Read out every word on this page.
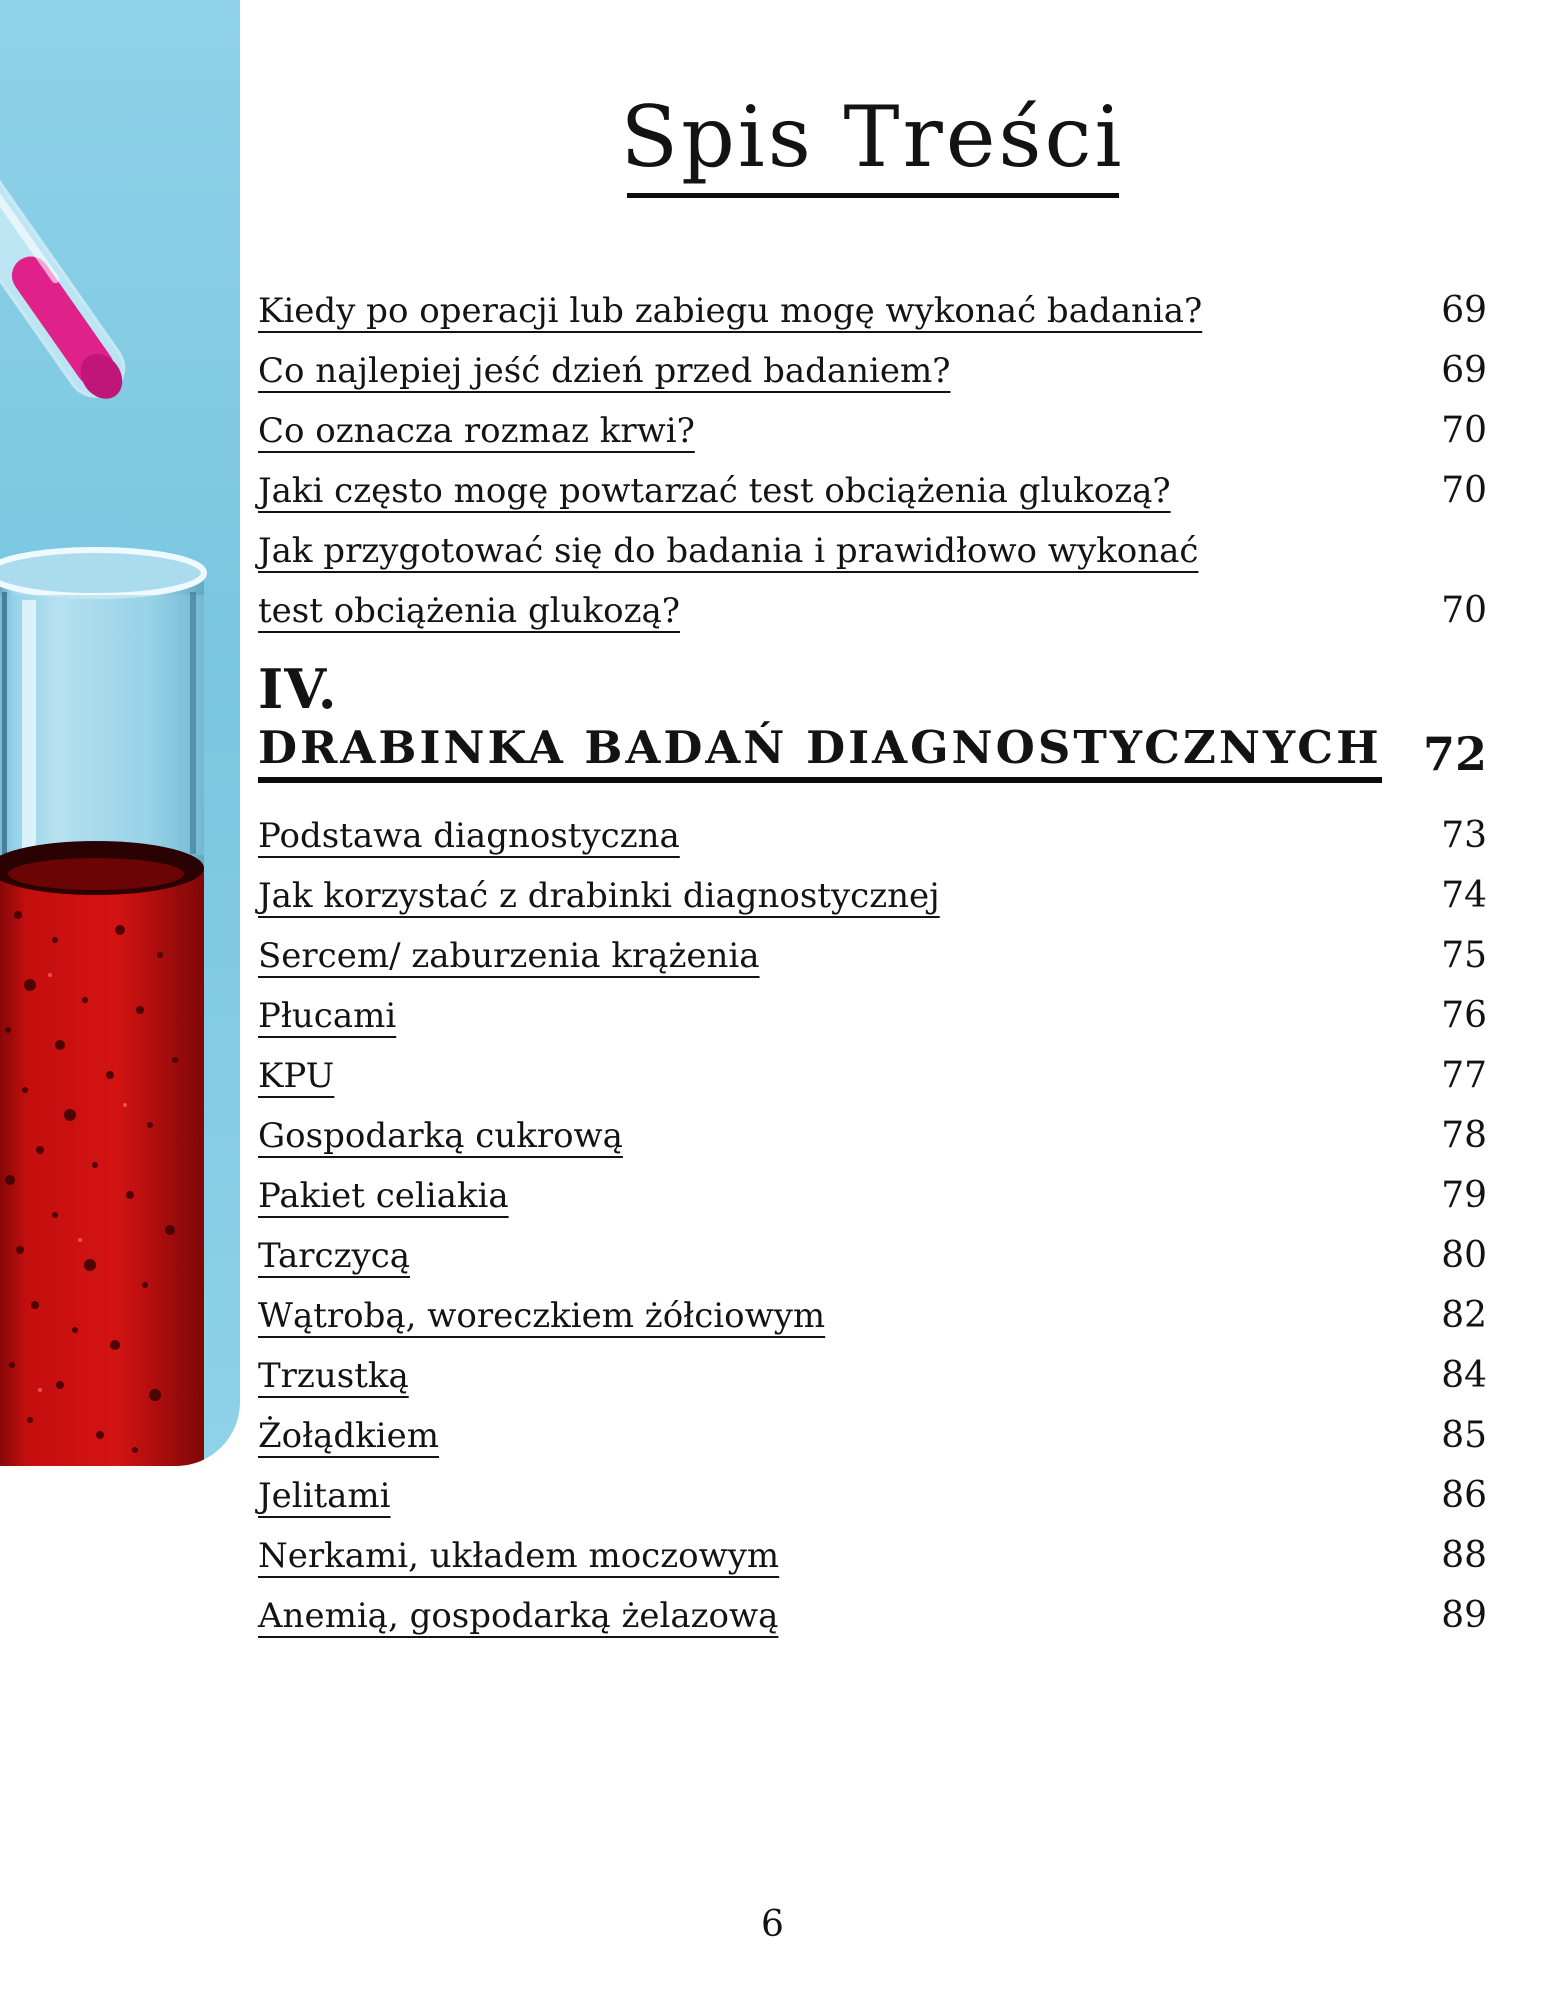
Spis Treści
Kiedy po operacji lub zabiegu mogę wykonać badania?	69
Co najlepiej jeść dzień przed badaniem?	69
Co oznacza rozmaz krwi?	70
Jaki często mogę powtarzać test obciążenia glukozą?	70
Jak przygotować się do badania i prawidłowo wykonać
test obciążenia glukozą?	70
IV.
DRABINKA BADAŃ DIAGNOSTYCZNYCH 72
Podstawa diagnostyczna	73
Jak korzystać z drabinki diagnostycznej	74
Sercem/ zaburzenia krążenia	75
Płucami	76
KPU	77
Gospodarką cukrową	78
Pakiet celiakia	79
Tarczycą	80
Wątrobą, woreczkiem żółciowym	82
Trzustką	84
Żołądkiem	85
Jelitami	86
Nerkami, układem moczowym	88
Anemią, gospodarką żelazową	89
6
